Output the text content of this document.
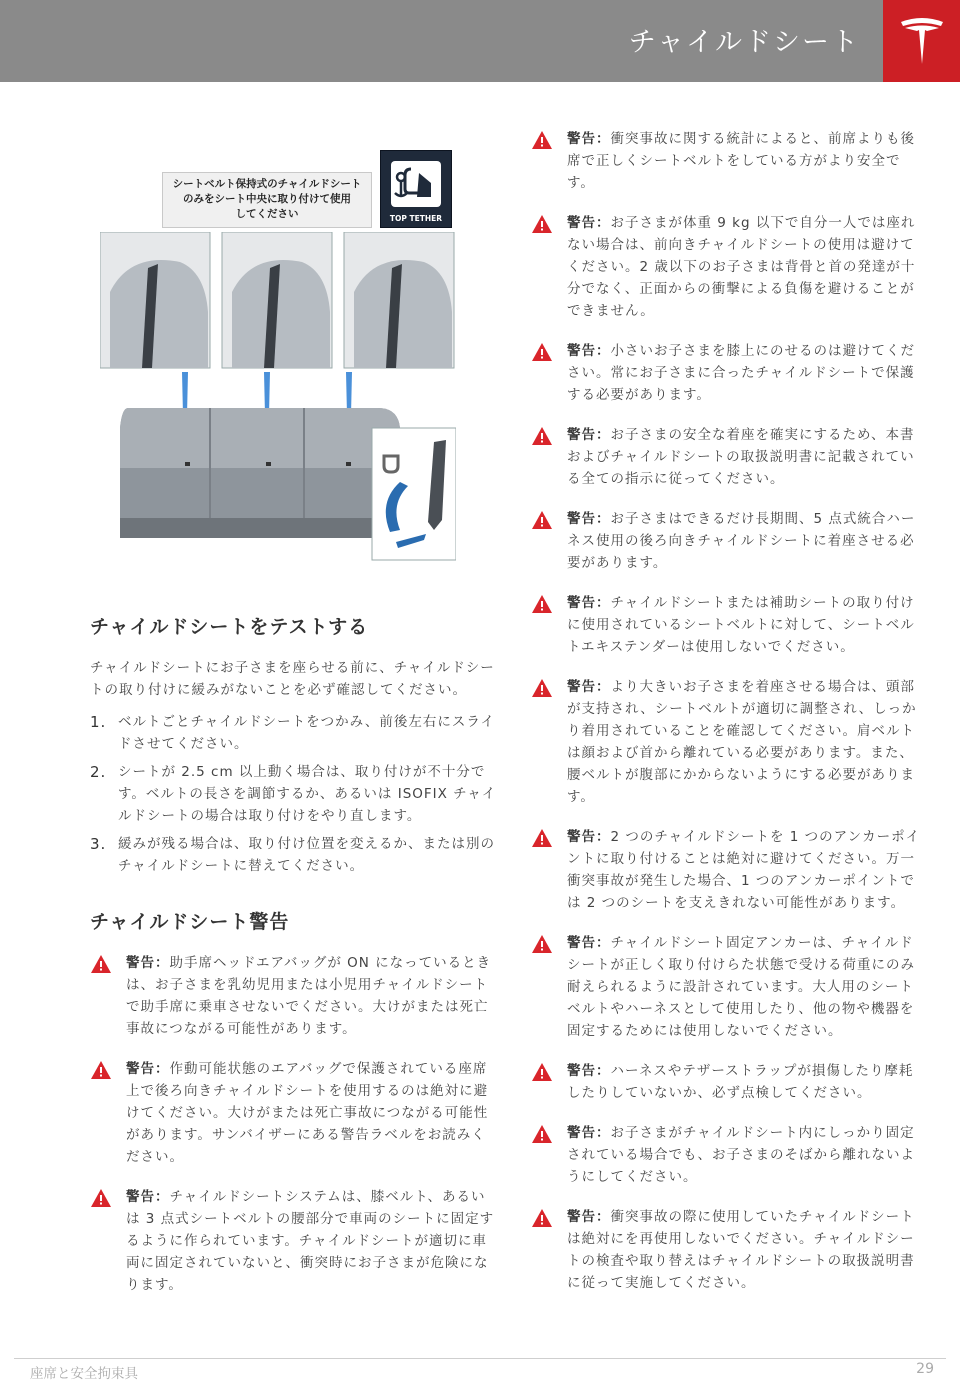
チャイルドシート
シートベルト保持式のチャイルドシート
のみをシート中央に取り付けて使用
してください	TOP TETHER
チャイルドシートをテストする

チャイルドシートにお子さまを座らせる前に、チャイルドシートの取り付けに緩みがないことを必ず確認してください。

1. ベルトごとチャイルドシートをつかみ、前後左右にスライドさせてください。
2. シートが 2.5 cm 以上動く場合は、取り付けが不十分です。ベルトの長さを調節するか、あるいは ISOFIX チャイルドシートの場合は取り付けをやり直します。
3. 緩みが残る場合は、取り付け位置を変えるか、または別のチャイルドシートに替えてください。
チャイルドシート警告
警告：助手席ヘッドエアバッグが ON になっているときは、お子さまを乳幼児用または小児用チャイルドシートで助手席に乗車させないでください。大けがまたは死亡事故につながる可能性があります。
警告：作動可能状態のエアバッグで保護されている座席上で後ろ向きチャイルドシートを使用するのは絶対に避けてください。大けがまたは死亡事故につながる可能性があります。サンバイザーにある警告ラベルをお読みください。
警告：チャイルドシートシステムは、膝ベルト、あるいは 3 点式シートベルトの腰部分で車両のシートに固定するように作られています。チャイルドシートが適切に車両に固定されていないと、衝突時にお子さまが危険になります。
警告：衝突事故に関する統計によると、前席よりも後席で正しくシートベルトをしている方がより安全です。
警告：お子さまが体重 9 kg 以下で自分一人では座れない場合は、前向きチャイルドシートの使用は避けてください。2 歳以下のお子さまは背骨と首の発達が十分でなく、正面からの衝撃による負傷を避けることができません。
警告：小さいお子さまを膝上にのせるのは避けてください。常にお子さまに合ったチャイルドシートで保護する必要があります。
警告：お子さまの安全な着座を確実にするため、本書およびチャイルドシートの取扱説明書に記載されている全ての指示に従ってください。
警告：お子さまはできるだけ長期間、5 点式統合ハーネス使用の後ろ向きチャイルドシートに着座させる必要があります。
警告：チャイルドシートまたは補助シートの取り付けに使用されているシートベルトに対して、シートベルトエキステンダーは使用しないでください。
警告：より大きいお子さまを着座させる場合は、頭部が支持され、シートベルトが適切に調整され、しっかり着用されていることを確認してください。肩ベルトは顔および首から離れている必要があります。また、腰ベルトが腹部にかからないようにする必要があります。
警告：2 つのチャイルドシートを 1 つのアンカーポイントに取り付けることは絶対に避けてください。万一衝突事故が発生した場合、1 つのアンカーポイントでは 2 つのシートを支えきれない可能性があります。
警告：チャイルドシート固定アンカーは、チャイルドシートが正しく取り付けらた状態で受ける荷重にのみ耐えられるように設計されています。大人用のシートベルトやハーネスとして使用したり、他の物や機器を固定するためには使用しないでください。
警告：ハーネスやテザーストラップが損傷したり摩耗したりしていないか、必ず点検してください。
警告：お子さまがチャイルドシート内にしっかり固定されている場合でも、お子さまのそばから離れないようにしてください。
警告：衝突事故の際に使用していたチャイルドシートは絶対にを再使用しないでください。チャイルドシートの検査や取り替えはチャイルドシートの取扱説明書に従って実施してください。
座席と安全拘束具	29
